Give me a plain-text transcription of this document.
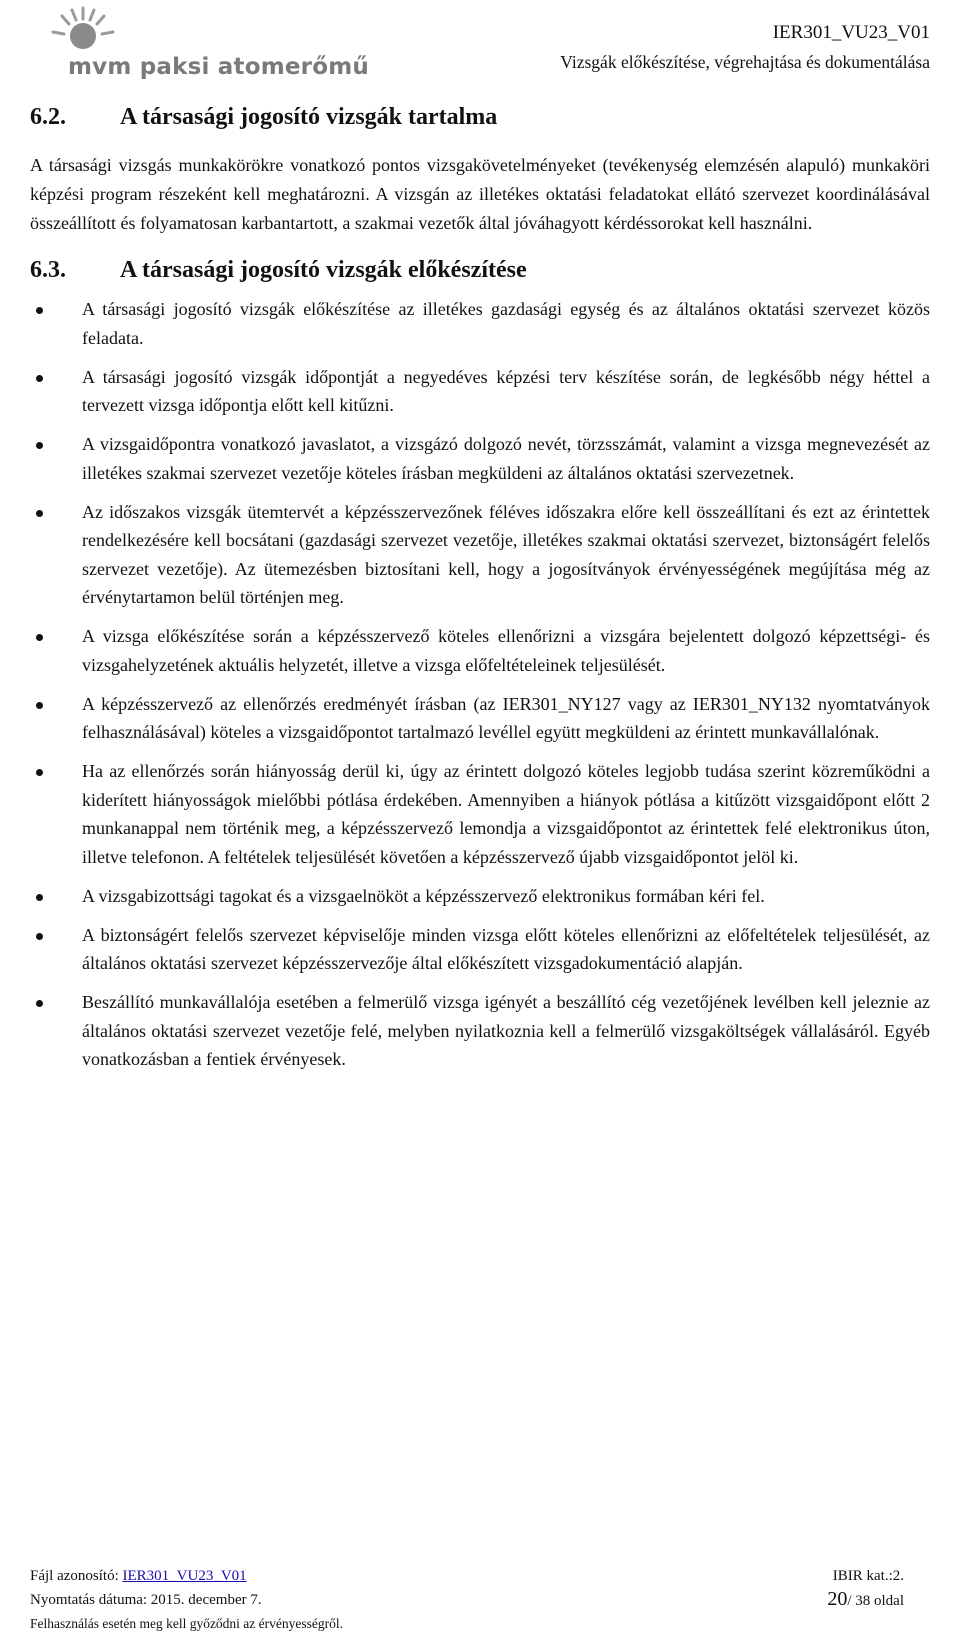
mvm paksi atomerőmű
IER301_VU23_V01
Vizsgák előkészítése, végrehajtása és dokumentálása
6.2.	A társasági jogosító vizsgák tartalma

A társasági vizsgás munkakörökre vonatkozó pontos vizsgakövetelményeket (tevékenység elemzésén alapuló) munkaköri képzési program részeként kell meghatározni. A vizsgán az illetékes oktatási feladatokat ellátó szervezet koordinálásával összeállított és folyamatosan karbantartott, a szakmai vezetők által jóváhagyott kérdéssorokat kell használni.

6.3.	A társasági jogosító vizsgák előkészítése
A társasági jogosító vizsgák előkészítése az illetékes gazdasági egység és az általános oktatási szervezet közös feladata.
A társasági jogosító vizsgák időpontját a negyedéves képzési terv készítése során, de legkésőbb négy héttel a tervezett vizsga időpontja előtt kell kitűzni.
A vizsgaidőpontra vonatkozó javaslatot, a vizsgázó dolgozó nevét, törzsszámát, valamint a vizsga megnevezését az illetékes szakmai szervezet vezetője köteles írásban megküldeni az általános oktatási szervezetnek.
Az időszakos vizsgák ütemtervét a képzésszervezőnek féléves időszakra előre kell összeállítani és ezt az érintettek rendelkezésére kell bocsátani (gazdasági szervezet vezetője, illetékes szakmai oktatási szervezet, biztonságért felelős szervezet vezetője). Az ütemezésben biztosítani kell, hogy a jogosítványok érvényességének megújítása még az érvénytartamon belül történjen meg.
A vizsga előkészítése során a képzésszervező köteles ellenőrizni a vizsgára bejelentett dolgozó képzettségi- és vizsgahelyzetének aktuális helyzetét, illetve a vizsga előfeltételeinek teljesülését.
A képzésszervező az ellenőrzés eredményét írásban (az IER301_NY127 vagy az IER301_NY132 nyomtatványok felhasználásával) köteles a vizsgaidőpontot tartalmazó levéllel együtt megküldeni az érintett munkavállalónak.
Ha az ellenőrzés során hiányosság derül ki, úgy az érintett dolgozó köteles legjobb tudása szerint közreműködni a kiderített hiányosságok mielőbbi pótlása érdekében. Amennyiben a hiányok pótlása a kitűzött vizsgaidőpont előtt 2 munkanappal nem történik meg, a képzésszervező lemondja a vizsgaidőpontot az érintettek felé elektronikus úton, illetve telefonon. A feltételek teljesülését követően a képzésszervező újabb vizsgaidőpontot jelöl ki.
A vizsgabizottsági tagokat és a vizsgaelnököt a képzésszervező elektronikus formában kéri fel.
A biztonságért felelős szervezet képviselője minden vizsga előtt köteles ellenőrizni az előfeltételek teljesülését, az általános oktatási szervezet képzésszervezője által előkészített vizsgadokumentáció alapján.
Beszállító munkavállalója esetében a felmerülő vizsga igényét a beszállító cég vezetőjének levélben kell jeleznie az általános oktatási szervezet vezetője felé, melyben nyilatkoznia kell a felmerülő vizsgaköltségek vállalásáról. Egyéb vonatkozásban a fentiek érvényesek.
Fájl azonosító: IER301_VU23_V01	IBIR kat.:2.
Nyomtatás dátuma: 2015. december 7.	20/ 38 oldal
Felhasználás esetén meg kell győződni az érvényességről.
